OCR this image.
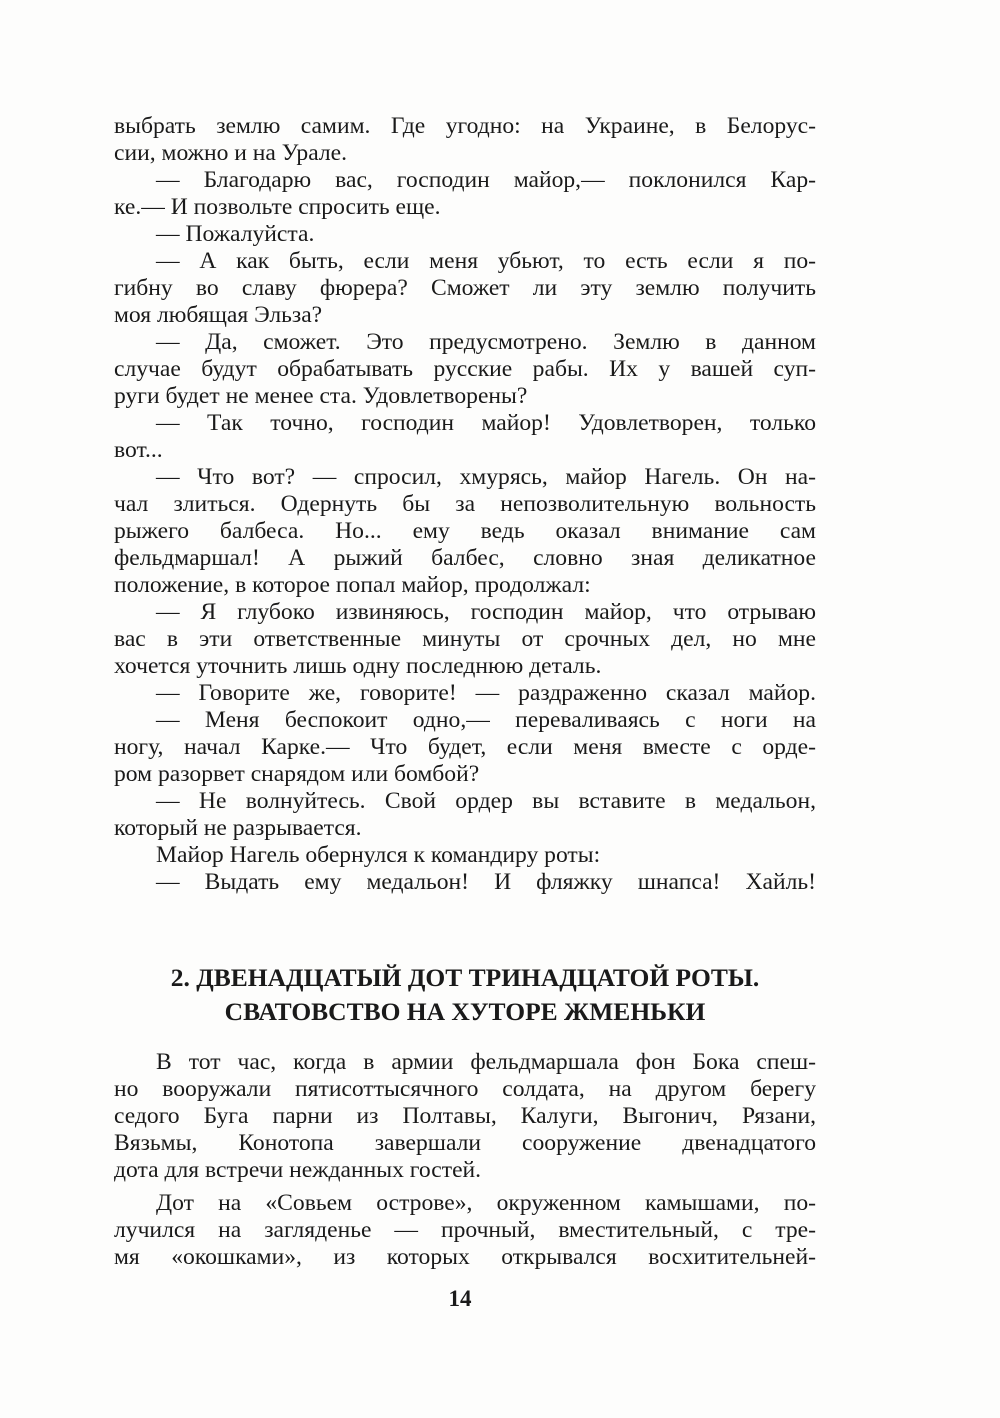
выбрать землю самим. Где угодно: на Украине, в Белорус-
сии, можно и на Урале.
— Благодарю вас, господин майор,— поклонился Кар-
ке.— И позвольте спросить еще.
— Пожалуйста.
— А как быть, если меня убьют, то есть если я по-
гибну во славу фюрера? Сможет ли эту землю получить
моя любящая Эльза?
— Да, сможет. Это предусмотрено. Землю в данном
случае будут обрабатывать русские рабы. Их у вашей суп-
руги будет не менее ста. Удовлетворены?
— Так точно, господин майор! Удовлетворен, только
вот...
— Что вот? — спросил, хмурясь, майор Нагель. Он на-
чал злиться. Одернуть бы за непозволительную вольность
рыжего балбеса. Но... ему ведь оказал внимание сам
фельдмаршал! А рыжий балбес, словно зная деликатное
положение, в которое попал майор, продолжал:
— Я глубоко извиняюсь, господин майор, что отрываю
вас в эти ответственные минуты от срочных дел, но мне
хочется уточнить лишь одну последнюю деталь.
— Говорите же, говорите! — раздраженно сказал майор.
— Меня беспокоит одно,— переваливаясь с ноги на
ногу, начал Карке.— Что будет, если меня вместе с орде-
ром разорвет снарядом или бомбой?
— Не волнуйтесь. Свой ордер вы вставите в медальон,
который не разрывается.
Майор Нагель обернулся к командиру роты:
— Выдать ему медальон! И фляжку шнапса! Хайль!
2. ДВЕНАДЦАТЫЙ ДОТ ТРИНАДЦАТОЙ РОТЫ.
СВАТОВСТВО НА ХУТОРЕ ЖМЕНЬКИ
В тот час, когда в армии фельдмаршала фон Бока спеш-
но вооружали пятисоттысячного солдата, на другом берегу
седого Буга парни из Полтавы, Калуги, Выгонич, Рязани,
Вязьмы, Конотопа завершали сооружение двенадцатого
дота для встречи нежданных гостей.
Дот на «Совьем острове», окруженном камышами, по-
лучился на загляденье — прочный, вместительный, с тре-
мя «окошками», из которых открывался восхитительней-
14
